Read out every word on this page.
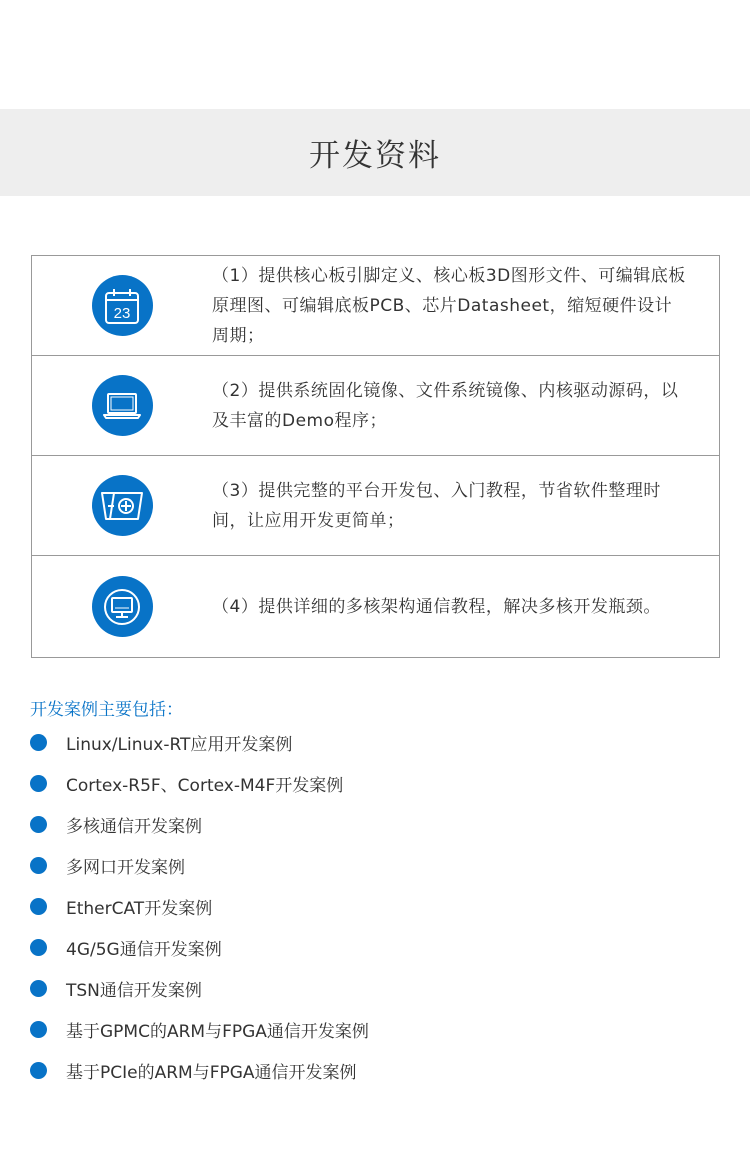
开发资料
23
（1）提供核心板引脚定义、核心板3D图形文件、可编辑底板原理图、可编辑底板PCB、芯片Datasheet，缩短硬件设计周期；
（2）提供系统固化镜像、文件系统镜像、内核驱动源码，以及丰富的Demo程序；
（3）提供完整的平台开发包、入门教程，节省软件整理时间，让应用开发更简单；
（4）提供详细的多核架构通信教程，解决多核开发瓶颈。
开发案例主要包括：
Linux/Linux-RT应用开发案例
Cortex-R5F、Cortex-M4F开发案例
多核通信开发案例
多网口开发案例
EtherCAT开发案例
4G/5G通信开发案例
TSN通信开发案例
基于GPMC的ARM与FPGA通信开发案例
基于PCIe的ARM与FPGA通信开发案例
